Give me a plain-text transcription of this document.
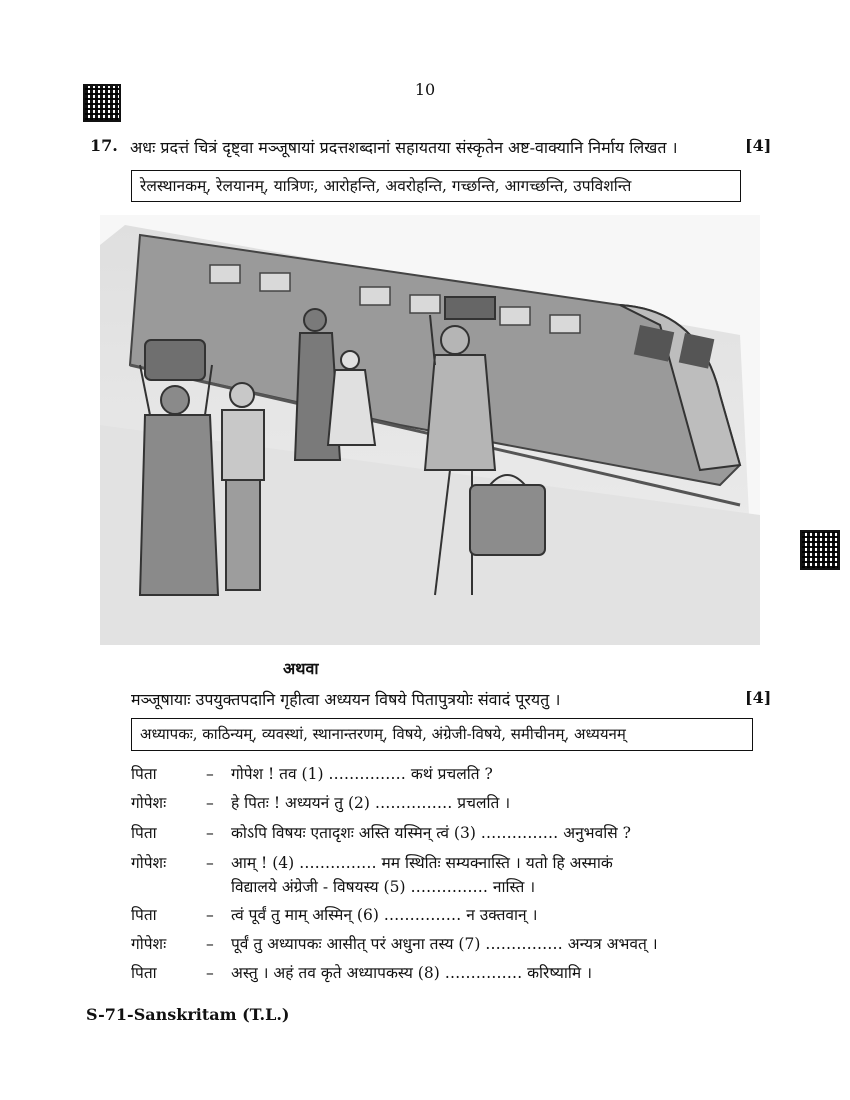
10
17. अधः प्रदत्तं चित्रं दृष्ट्वा मञ्जूषायां प्रदत्तशब्दानां सहायतया संस्कृतेन अष्ट-वाक्यानि निर्माय लिखत ।	[4]
रेलस्थानकम्, रेलयानम्, यात्रिणः, आरोहन्ति, अवरोहन्ति, गच्छन्ति, आगच्छन्ति, उपविशन्ति
अथवा
मञ्जूषायाः उपयुक्तपदानि गृहीत्वा अध्ययन विषये पितापुत्रयोः संवादं पूरयतु ।	[4]
अध्यापकः, काठिन्यम्, व्यवस्थां, स्थानान्तरणम्, विषये, अंग्रेजी-विषये, समीचीनम्, अध्ययनम्
पिता	– गोपेश ! तव (1) …………… कथं प्रचलति ?
गोपेशः	– हे पितः ! अध्ययनं तु (2) …………… प्रचलति ।
पिता	– कोऽपि विषयः एतादृशः अस्ति यस्मिन् त्वं (3) …………… अनुभवसि ?
गोपेशः	– आम् ! (4) …………… मम स्थितिः सम्यक्नास्ति । यतो हि अस्माकं
विद्यालये अंग्रेजी - विषयस्य (5) …………… नास्ति ।
पिता	– त्वं पूर्वं तु माम् अस्मिन् (6) …………… न उक्तवान् ।
गोपेशः	– पूर्वं तु अध्यापकः आसीत् परं अधुना तस्य (7) …………… अन्यत्र अभवत् ।
पिता	– अस्तु । अहं तव कृते अध्यापकस्य (8) …………… करिष्यामि ।
S-71-Sanskritam (T.L.)
